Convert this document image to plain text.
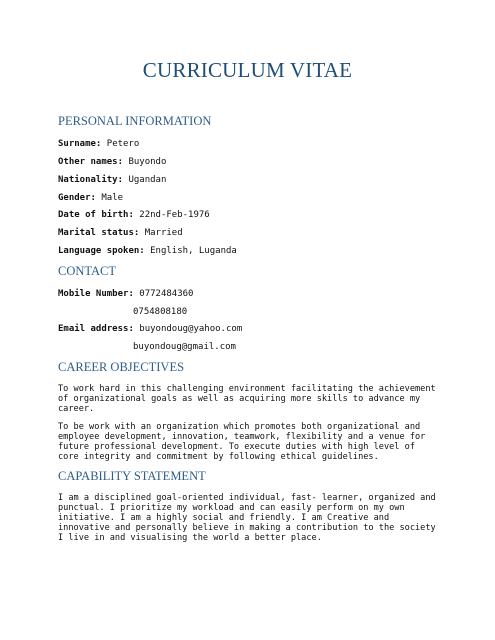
CURRICULUM VITAE
PERSONAL INFORMATION
Surname: Petero
Other names: Buyondo
Nationality: Ugandan
Gender: Male
Date of birth: 22nd-Feb-1976
Marital status: Married
Language spoken: English, Luganda
CONTACT
Mobile Number: 0772484360
0754808180
Email address: buyondoug@yahoo.com
buyondoug@gmail.com
CAREER OBJECTIVES
To work hard in this challenging environment facilitating the achievement of organizational goals as well as acquiring more skills to advance my career.
To be work with an organization which promotes both organizational and employee development, innovation, teamwork, flexibility and a venue for future professional development. To execute duties with high level of core integrity and commitment by following ethical guidelines.
CAPABILITY STATEMENT
I am a disciplined goal-oriented individual, fast- learner, organized and punctual. I prioritize my workload and can easily perform on my own initiative. I am a highly social and friendly. I am Creative and innovative and personally believe in making a contribution to the society I live in and visualising the world a better place.
